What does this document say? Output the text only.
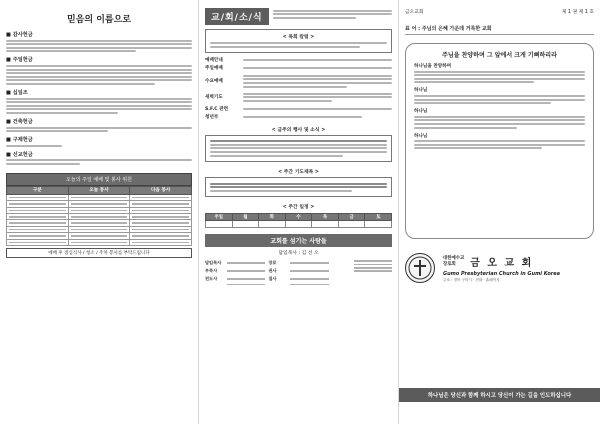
믿음의 이름으로
■ 감사헌금
■ 주일헌금
■ 십일조
■ 건축헌금
■ 구제헌금
■ 선교헌금
오늘의 주일 예배 및 봉사 위원
구분	오늘 봉사	다음 봉사

예배 후 점심식사 / 청소 / 주차 봉사를 부탁드립니다
교/회/소/식
< 목회 칼럼 >
예배안내
주일예배
수요예배
새벽기도
S.F.C 관련
청년부
< 금주의 행사 및 소식 >
< 주간 기도제목 >
< 주간 일정 >
주일	월	화	수	목	금	토

교회를 섬기는 사람들
담임목사 : 김 선 오
담임목사
부목사
전도사
장로
권사
집사
금오교회	제 1 권 제 1 호
표 어 : 주님의 은혜 가운데 거룩한 교회
주님을 찬양하며 그 앞에서 크게 기뻐하리라
하나님을 찬양하며
하나님
하나님
하나님
대한예수교
장로회	금 오 교 회
Gumo Presbyterian Church in Gumi Korea
주소 : 경북 구미시 · 전화 · 홈페이지
하나님은 당신과 함께 하시고 당신이 가는 길을 인도하십니다
